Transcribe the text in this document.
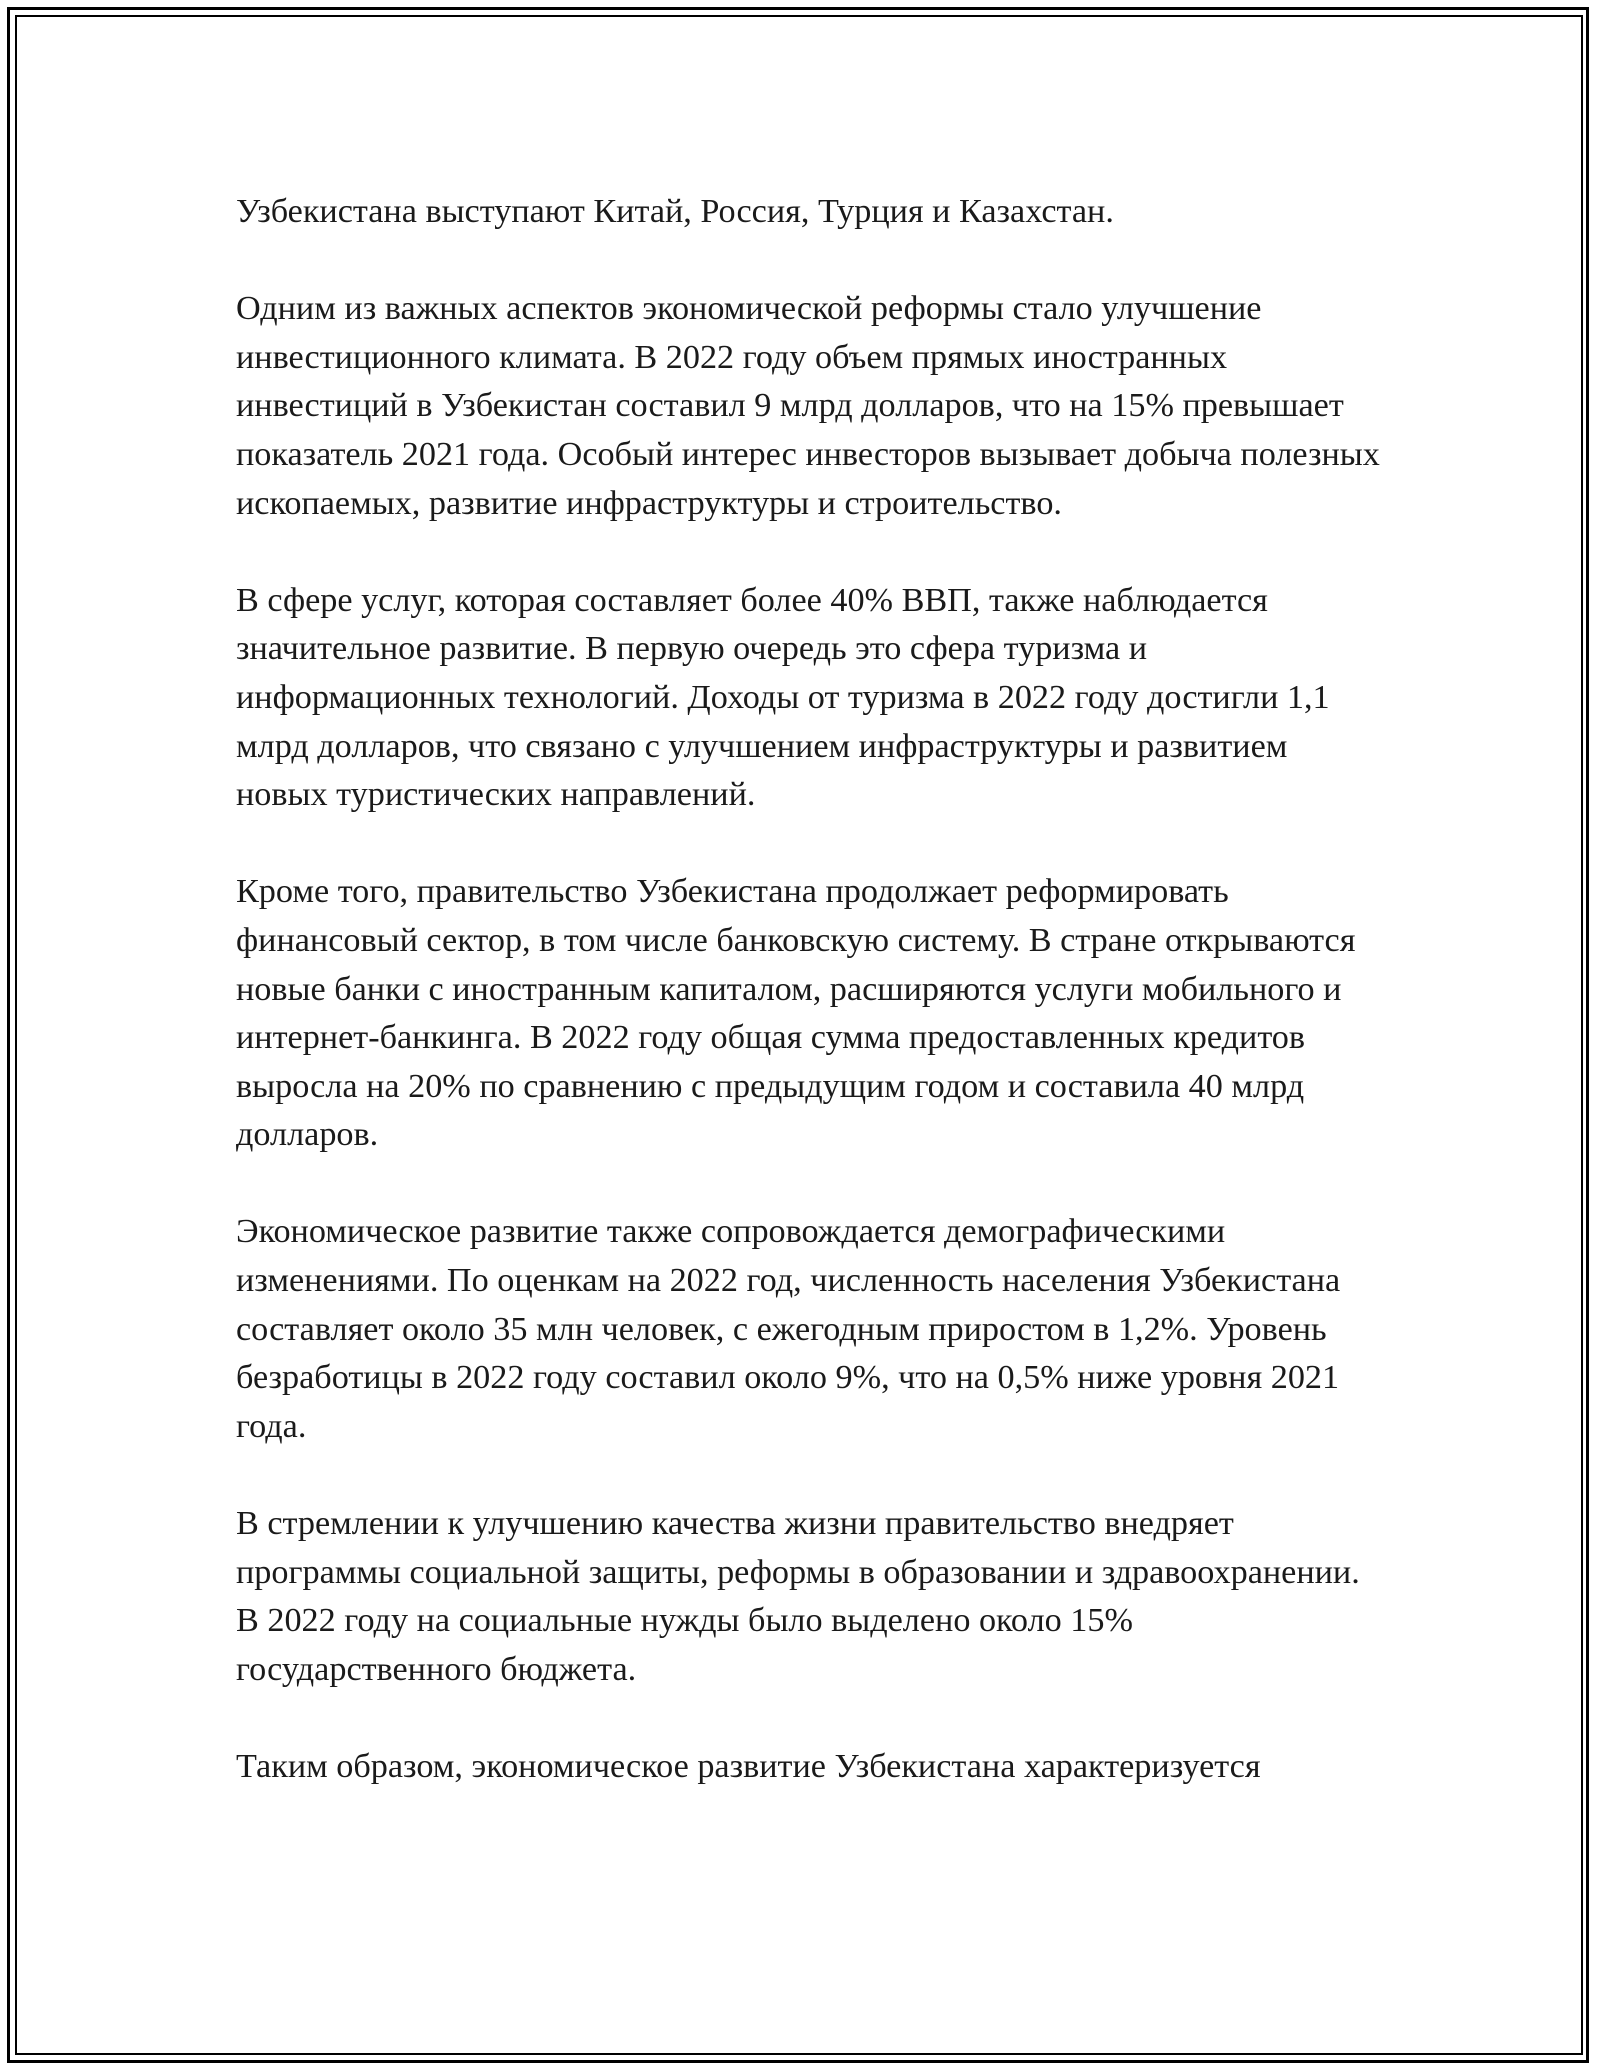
Узбекистана выступают Китай, Россия, Турция и Казахстан.

Одним из важных аспектов экономической реформы стало улучшение инвестиционного климата. В 2022 году объем прямых иностранных инвестиций в Узбекистан составил 9 млрд долларов, что на 15% превышает показатель 2021 года. Особый интерес инвесторов вызывает добыча полезных ископаемых, развитие инфраструктуры и строительство.

В сфере услуг, которая составляет более 40% ВВП, также наблюдается значительное развитие. В первую очередь это сфера туризма и информационных технологий. Доходы от туризма в 2022 году достигли 1,1 млрд долларов, что связано с улучшением инфраструктуры и развитием новых туристических направлений.

Кроме того, правительство Узбекистана продолжает реформировать финансовый сектор, в том числе банковскую систему. В стране открываются новые банки с иностранным капиталом, расширяются услуги мобильного и интернет-банкинга. В 2022 году общая сумма предоставленных кредитов выросла на 20% по сравнению с предыдущим годом и составила 40 млрд долларов.

Экономическое развитие также сопровождается демографическими изменениями. По оценкам на 2022 год, численность населения Узбекистана составляет около 35 млн человек, с ежегодным приростом в 1,2%. Уровень безработицы в 2022 году составил около 9%, что на 0,5% ниже уровня 2021 года.

В стремлении к улучшению качества жизни правительство внедряет программы социальной защиты, реформы в образовании и здравоохранении. В 2022 году на социальные нужды было выделено около 15% государственного бюджета.

Таким образом, экономическое развитие Узбекистана характеризуется
